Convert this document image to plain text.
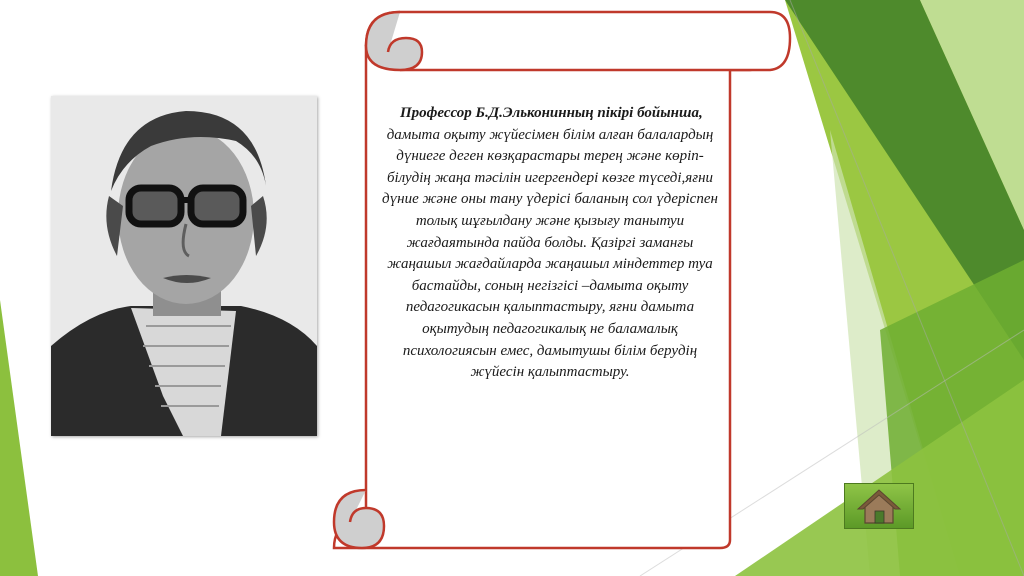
Профессор Б.Д.Эльконинның пікірі бойынша,

дамыта оқыту жүйесімен білім алған балалардың дүниеге деген көзқарастары терең және көріп-білудің жаңа тәсілін игергендері көзге түседі,яғни дүние және оны тану үдерісі баланың сол үдеріспен толық шұғылдану және қызығу танытуи жағдаятында пайда болды. Қазіргі заманғы жаңашыл жағдайларда жаңашыл міндеттер туа бастайды, соның негізгісі –дамыта оқыту педагогикасын қалыптастыру, яғни дамыта оқытудың педагогикалық не баламалық психологиясын емес, дамытушы білім берудің жүйесін қалыптастыру.
